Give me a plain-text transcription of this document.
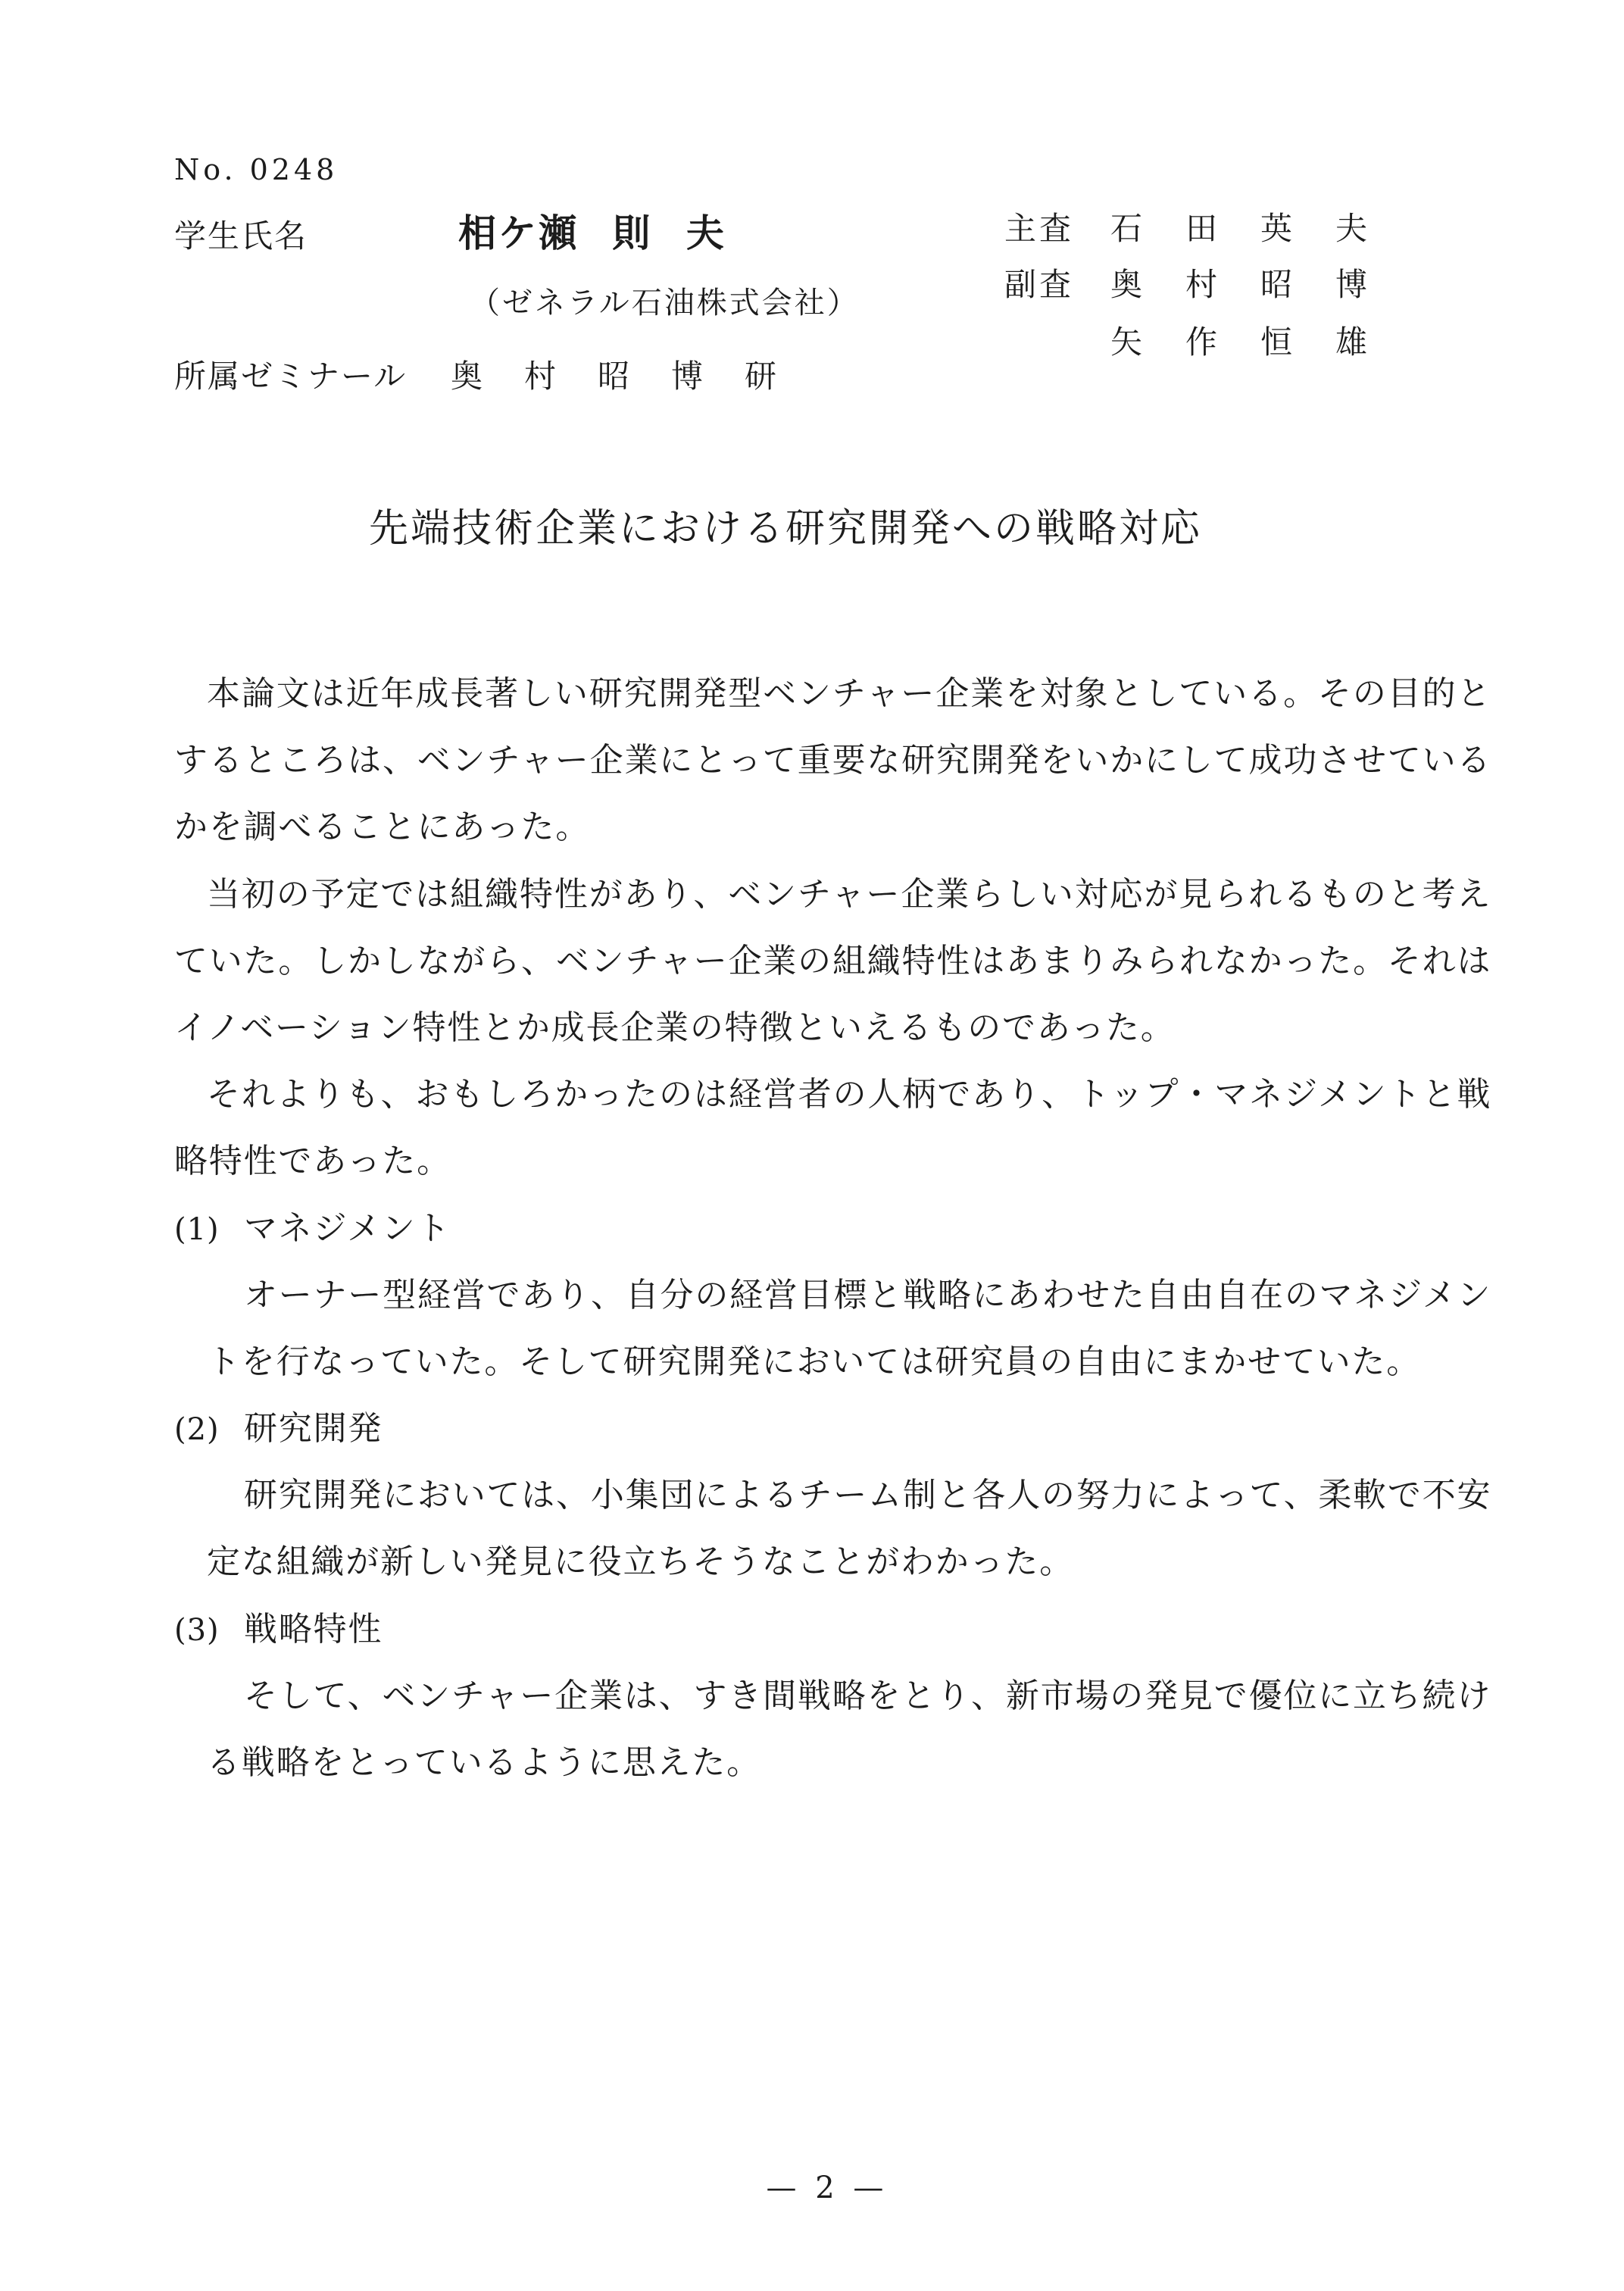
No. 0248
学生氏名	相ケ瀬 則 夫
（ゼネラル石油株式会社）
所属ゼミナール 奥村昭博研
主査 石田英夫
副査 奥村昭博
矢作恒雄
先端技術企業における研究開発への戦略対応
本論文は近年成長著しい研究開発型ベンチャー企業を対象としている。その目的と
するところは、ベンチャー企業にとって重要な研究開発をいかにして成功させている
かを調べることにあった。
当初の予定では組織特性があり、ベンチャー企業らしい対応が見られるものと考え
ていた。しかしながら、ベンチャー企業の組織特性はあまりみられなかった。それは
イノベーション特性とか成長企業の特徴といえるものであった。
それよりも、おもしろかったのは経営者の人柄であり、トップ・マネジメントと戦
略特性であった。
(1) マネジメント
オーナー型経営であり、自分の経営目標と戦略にあわせた自由自在のマネジメン
トを行なっていた。そして研究開発においては研究員の自由にまかせていた。
(2) 研究開発
研究開発においては、小集団によるチーム制と各人の努力によって、柔軟で不安
定な組織が新しい発見に役立ちそうなことがわかった。
(3) 戦略特性
そして、ベンチャー企業は、すき間戦略をとり、新市場の発見で優位に立ち続け
る戦略をとっているように思えた。
— 2 —
